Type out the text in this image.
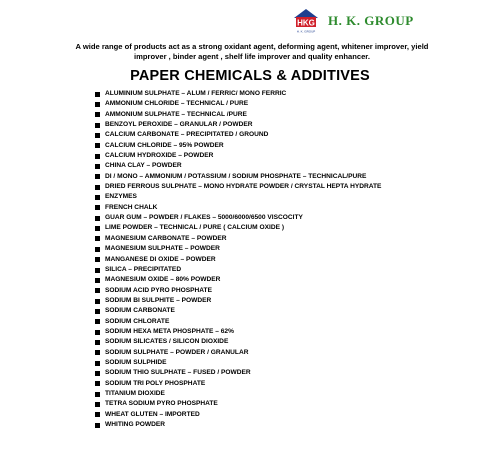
HKG
H. K. GROUP
H. K. GROUP
A wide range of products act as a strong oxidant agent, deforming agent, whitener improver, yield improver , binder agent , shelf life improver and quality enhancer.
PAPER CHEMICALS & ADDITIVES
ALUMINIUM SULPHATE – ALUM / FERRIC/ MONO FERRIC
AMMONIUM CHLORIDE – TECHNICAL / PURE
AMMONIUM SULPHATE – TECHNICAL /PURE
BENZOYL PEROXIDE – GRANULAR / POWDER
CALCIUM CARBONATE – PRECIPITATED / GROUND
CALCIUM CHLORIDE – 95% POWDER
CALCIUM HYDROXIDE – POWDER
CHINA CLAY – POWDER
DI / MONO – AMMONIUM / POTASSIUM / SODIUM PHOSPHATE – TECHNICAL/PURE
DRIED FERROUS SULPHATE – MONO HYDRATE POWDER / CRYSTAL HEPTA HYDRATE
ENZYMES
FRENCH CHALK
GUAR GUM – POWDER / FLAKES – 5000/6000/6500 VISCOCITY
LIME POWDER – TECHNICAL / PURE ( CALCIUM OXIDE )
MAGNESIUM CARBONATE – POWDER
MAGNESIUM SULPHATE – POWDER
MANGANESE DI OXIDE – POWDER
SILICA – PRECIPITATED
MAGNESIUM OXIDE – 80% POWDER
SODIUM ACID PYRO PHOSPHATE
SODIUM BI SULPHITE – POWDER
SODIUM CARBONATE
SODIUM CHLORATE
SODIUM HEXA META PHOSPHATE – 62%
SODIUM SILICATES / SILICON DIOXIDE
SODIUM SULPHATE – POWDER / GRANULAR
SODIUM SULPHIDE
SODIUM THIO SULPHATE – FUSED / POWDER
SODIUM TRI POLY PHOSPHATE
TITANIUM DIOXIDE
TETRA SODIUM PYRO PHOSPHATE
WHEAT GLUTEN – IMPORTED
WHITING POWDER
